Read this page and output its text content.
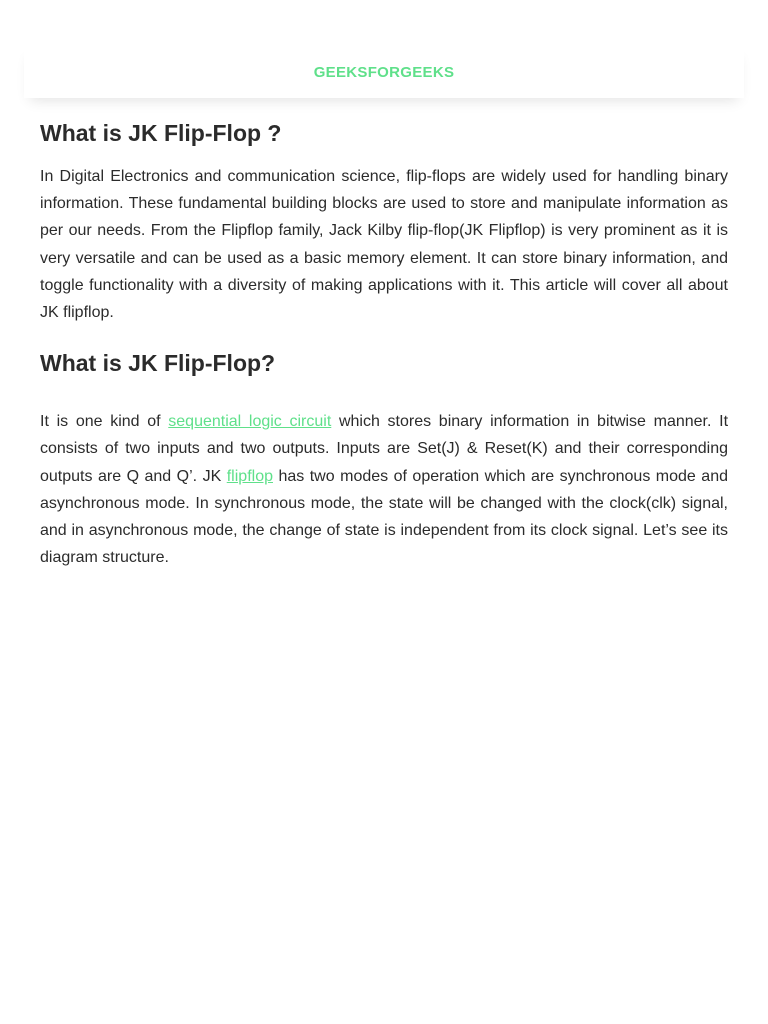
GEEKSFORGEEKS
What is JK Flip-Flop ?

In Digital Electronics and communication science, flip-flops are widely used for handling binary information. These fundamental building blocks are used to store and manipulate information as per our needs. From the Flipflop family, Jack Kilby flip-flop(JK Flipflop) is very prominent as it is very versatile and can be used as a basic memory element. It can store binary information, and toggle functionality with a diversity of making applications with it. This article will cover all about JK flipflop.

What is JK Flip-Flop?

It is one kind of sequential logic circuit which stores binary information in bitwise manner. It consists of two inputs and two outputs. Inputs are Set(J) & Reset(K) and their corresponding outputs are Q and Q’. JK flipflop has two modes of operation which are synchronous mode and asynchronous mode. In synchronous mode, the state will be changed with the clock(clk) signal, and in asynchronous mode, the change of state is independent from its clock signal. Let’s see its diagram structure.
